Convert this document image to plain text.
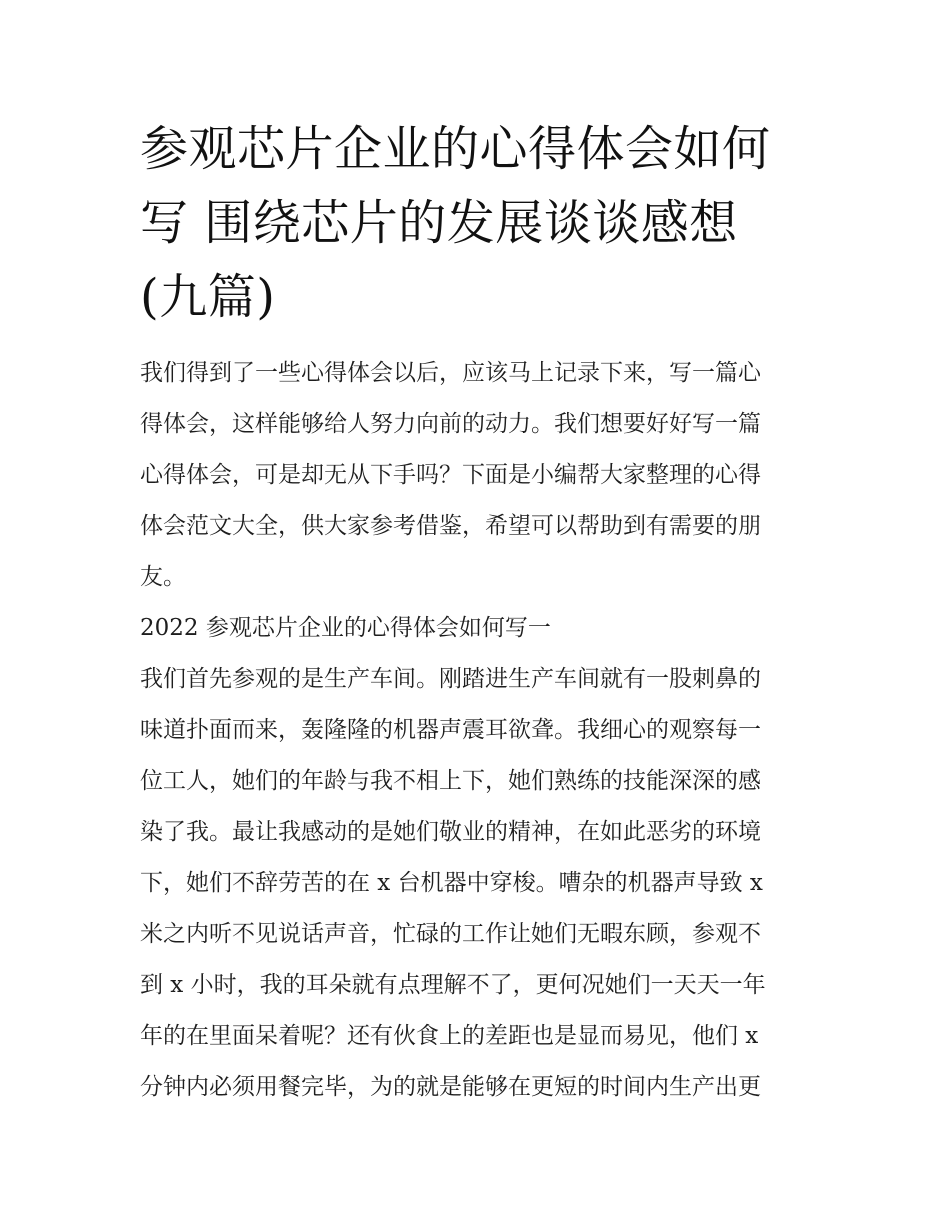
参观芯片企业的心得体会如何
写 围绕芯片的发展谈谈感想
(九篇)
我们得到了一些心得体会以后，应该马上记录下来，写一篇心
得体会，这样能够给人努力向前的动力。我们想要好好写一篇
心得体会，可是却无从下手吗？下面是小编帮大家整理的心得
体会范文大全，供大家参考借鉴，希望可以帮助到有需要的朋
友。
2022 参观芯片企业的心得体会如何写一
我们首先参观的是生产车间。刚踏进生产车间就有一股刺鼻的
味道扑面而来，轰隆隆的机器声震耳欲聋。我细心的观察每一
位工人，她们的年龄与我不相上下，她们熟练的技能深深的感
染了我。最让我感动的是她们敬业的精神，在如此恶劣的环境
下，她们不辞劳苦的在 x 台机器中穿梭。嘈杂的机器声导致 x
米之内听不见说话声音，忙碌的工作让她们无暇东顾，参观不
到 x 小时，我的耳朵就有点理解不了，更何况她们一天天一年
年的在里面呆着呢？还有伙食上的差距也是显而易见，他们 x
分钟内必须用餐完毕，为的就是能够在更短的时间内生产出更
